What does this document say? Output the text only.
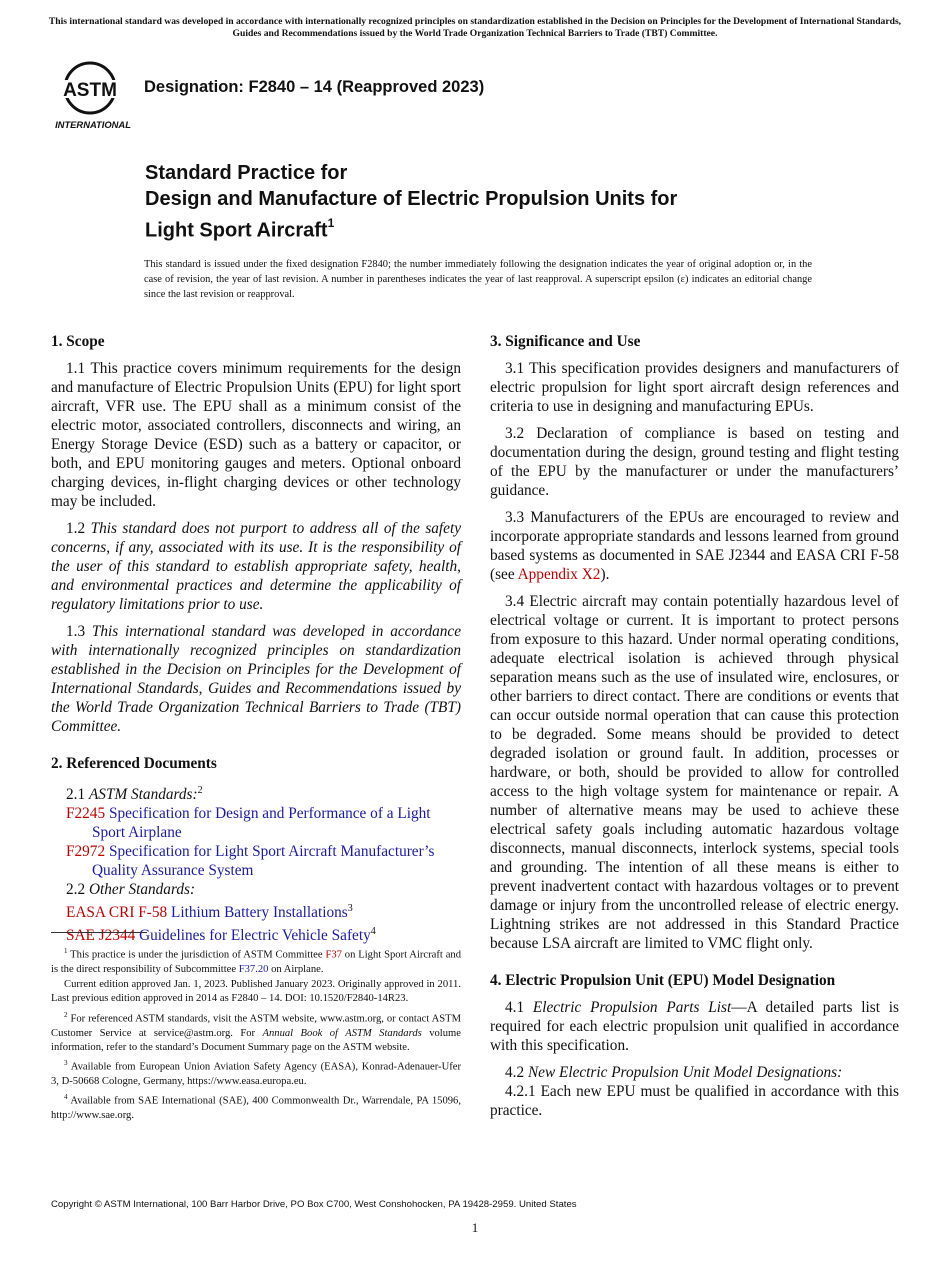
This international standard was developed in accordance with internationally recognized principles on standardization established in the Decision on Principles for the Development of International Standards, Guides and Recommendations issued by the World Trade Organization Technical Barriers to Trade (TBT) Committee.
ASTM
INTERNATIONAL
Designation: F2840 – 14 (Reapproved 2023)
Standard Practice for
Design and Manufacture of Electric Propulsion Units for
Light Sport Aircraft$^1$
This standard is issued under the fixed designation F2840; the number immediately following the designation indicates the year of original adoption or, in the case of revision, the year of last revision. A number in parentheses indicates the year of last reapproval. A superscript epsilon (ε) indicates an editorial change since the last revision or reapproval.
1. Scope

1.1 This practice covers minimum requirements for the design and manufacture of Electric Propulsion Units (EPU) for light sport aircraft, VFR use. The EPU shall as a minimum consist of the electric motor, associated controllers, disconnects and wiring, an Energy Storage Device (ESD) such as a battery or capacitor, or both, and EPU monitoring gauges and meters. Optional onboard charging devices, in-flight charging devices or other technology may be included.

1.2 This standard does not purport to address all of the safety concerns, if any, associated with its use. It is the responsibility of the user of this standard to establish appropriate safety, health, and environmental practices and determine the applicability of regulatory limitations prior to use.

1.3 This international standard was developed in accordance with internationally recognized principles on standardization established in the Decision on Principles for the Development of International Standards, Guides and Recommendations issued by the World Trade Organization Technical Barriers to Trade (TBT) Committee.

2. Referenced Documents

2.1 ASTM Standards:$^2$

F2245 Specification for Design and Performance of a Light Sport Airplane

F2972 Specification for Light Sport Aircraft Manufacturer’s Quality Assurance System

2.2 Other Standards:

EASA CRI F-58 Lithium Battery Installations$^3$

SAE J2344 Guidelines for Electric Vehicle Safety$^4$

$^1$ This practice is under the jurisdiction of ASTM Committee F37 on Light Sport Aircraft and is the direct responsibility of Subcommittee F37.20 on Airplane.

Current edition approved Jan. 1, 2023. Published January 2023. Originally approved in 2011. Last previous edition approved in 2014 as F2840 – 14. DOI: 10.1520/F2840-14R23.

$^2$ For referenced ASTM standards, visit the ASTM website, www.astm.org, or contact ASTM Customer Service at service@astm.org. For Annual Book of ASTM Standards volume information, refer to the standard’s Document Summary page on the ASTM website.

$^3$ Available from European Union Aviation Safety Agency (EASA), Konrad-Adenauer-Ufer 3, D-50668 Cologne, Germany, https://www.easa.europa.eu.

$^4$ Available from SAE International (SAE), 400 Commonwealth Dr., Warrendale, PA 15096, http://www.sae.org.

3. Significance and Use

3.1 This specification provides designers and manufacturers of electric propulsion for light sport aircraft design references and criteria to use in designing and manufacturing EPUs.

3.2 Declaration of compliance is based on testing and documentation during the design, ground testing and flight testing of the EPU by the manufacturer or under the manufacturers’ guidance.

3.3 Manufacturers of the EPUs are encouraged to review and incorporate appropriate standards and lessons learned from ground based systems as documented in SAE J2344 and EASA CRI F-58 (see Appendix X2).

3.4 Electric aircraft may contain potentially hazardous level of electrical voltage or current. It is important to protect persons from exposure to this hazard. Under normal operating conditions, adequate electrical isolation is achieved through physical separation means such as the use of insulated wire, enclosures, or other barriers to direct contact. There are conditions or events that can occur outside normal operation that can cause this protection to be degraded. Some means should be provided to detect degraded isolation or ground fault. In addition, processes or hardware, or both, should be provided to allow for controlled access to the high voltage system for maintenance or repair. A number of alternative means may be used to achieve these electrical safety goals including automatic hazardous voltage disconnects, manual disconnects, interlock systems, special tools and grounding. The intention of all these means is either to prevent inadvertent contact with hazardous voltages or to prevent damage or injury from the uncontrolled release of electric energy. Lightning strikes are not addressed in this Standard Practice because LSA aircraft are limited to VMC flight only.

4. Electric Propulsion Unit (EPU) Model Designation

4.1 Electric Propulsion Parts List—A detailed parts list is required for each electric propulsion unit qualified in accordance with this specification.

4.2 New Electric Propulsion Unit Model Designations:

4.2.1 Each new EPU must be qualified in accordance with this practice.

Copyright © ASTM International, 100 Barr Harbor Drive, PO Box C700, West Conshohocken, PA 19428-2959. United States
1
